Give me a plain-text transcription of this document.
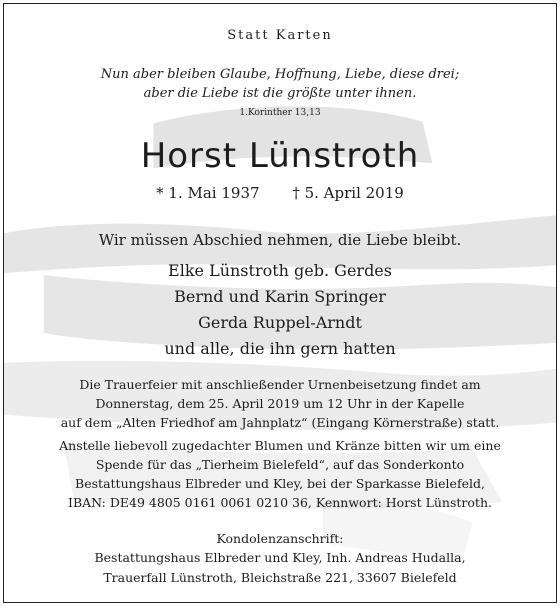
Statt Karten
Nun aber bleiben Glaube, Hoffnung, Liebe, diese drei;
aber die Liebe ist die größte unter ihnen.
1.Korinther 13,13
Horst Lünstroth
* 1. Mai 1937 † 5. April 2019
Wir müssen Abschied nehmen, die Liebe bleibt.
Elke Lünstroth geb. Gerdes
Bernd und Karin Springer
Gerda Ruppel-Arndt
und alle, die ihn gern hatten
Die Trauerfeier mit anschließender Urnenbeisetzung findet am
Donnerstag, dem 25. April 2019 um 12 Uhr in der Kapelle
auf dem „Alten Friedhof am Jahnplatz“ (Eingang Körnerstraße) statt.
Anstelle liebevoll zugedachter Blumen und Kränze bitten wir um eine
Spende für das „Tierheim Bielefeld“, auf das Sonderkonto
Bestattungshaus Elbreder und Kley, bei der Sparkasse Bielefeld,
IBAN: DE49 4805 0161 0061 0210 36, Kennwort: Horst Lünstroth.
Kondolenzanschrift:
Bestattungshaus Elbreder und Kley, Inh. Andreas Hudalla,
Trauerfall Lünstroth, Bleichstraße 221, 33607 Bielefeld
